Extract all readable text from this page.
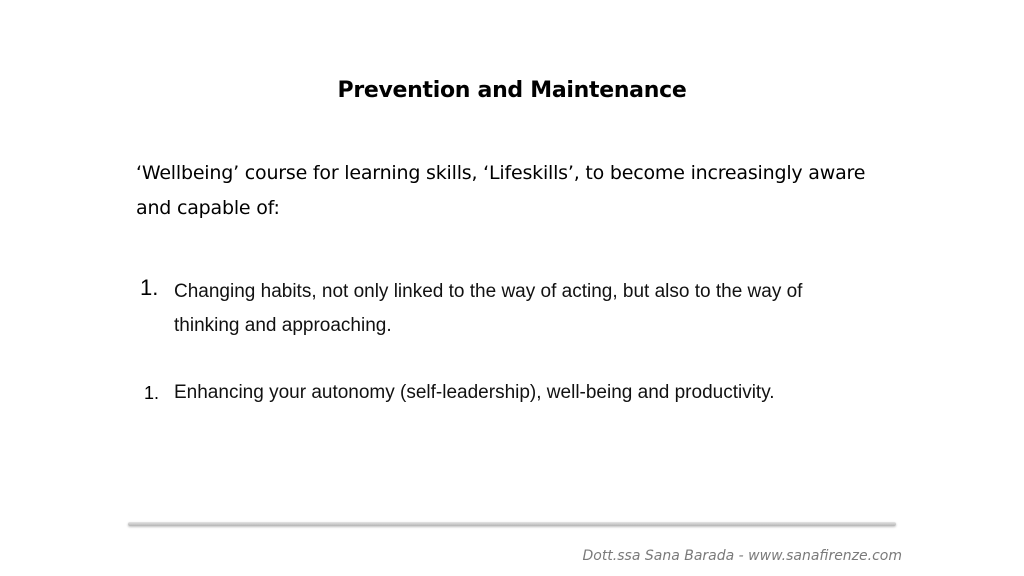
Prevention and Maintenance
‘Wellbeing’ course for learning skills, ‘Lifeskills’, to become increasingly aware and capable of:
1. Changing habits, not only linked to the way of acting, but also to the way of thinking and approaching.
1. Enhancing your autonomy (self-leadership), well-being and productivity.
Dott.ssa Sana Barada - www.sanafirenze.com
